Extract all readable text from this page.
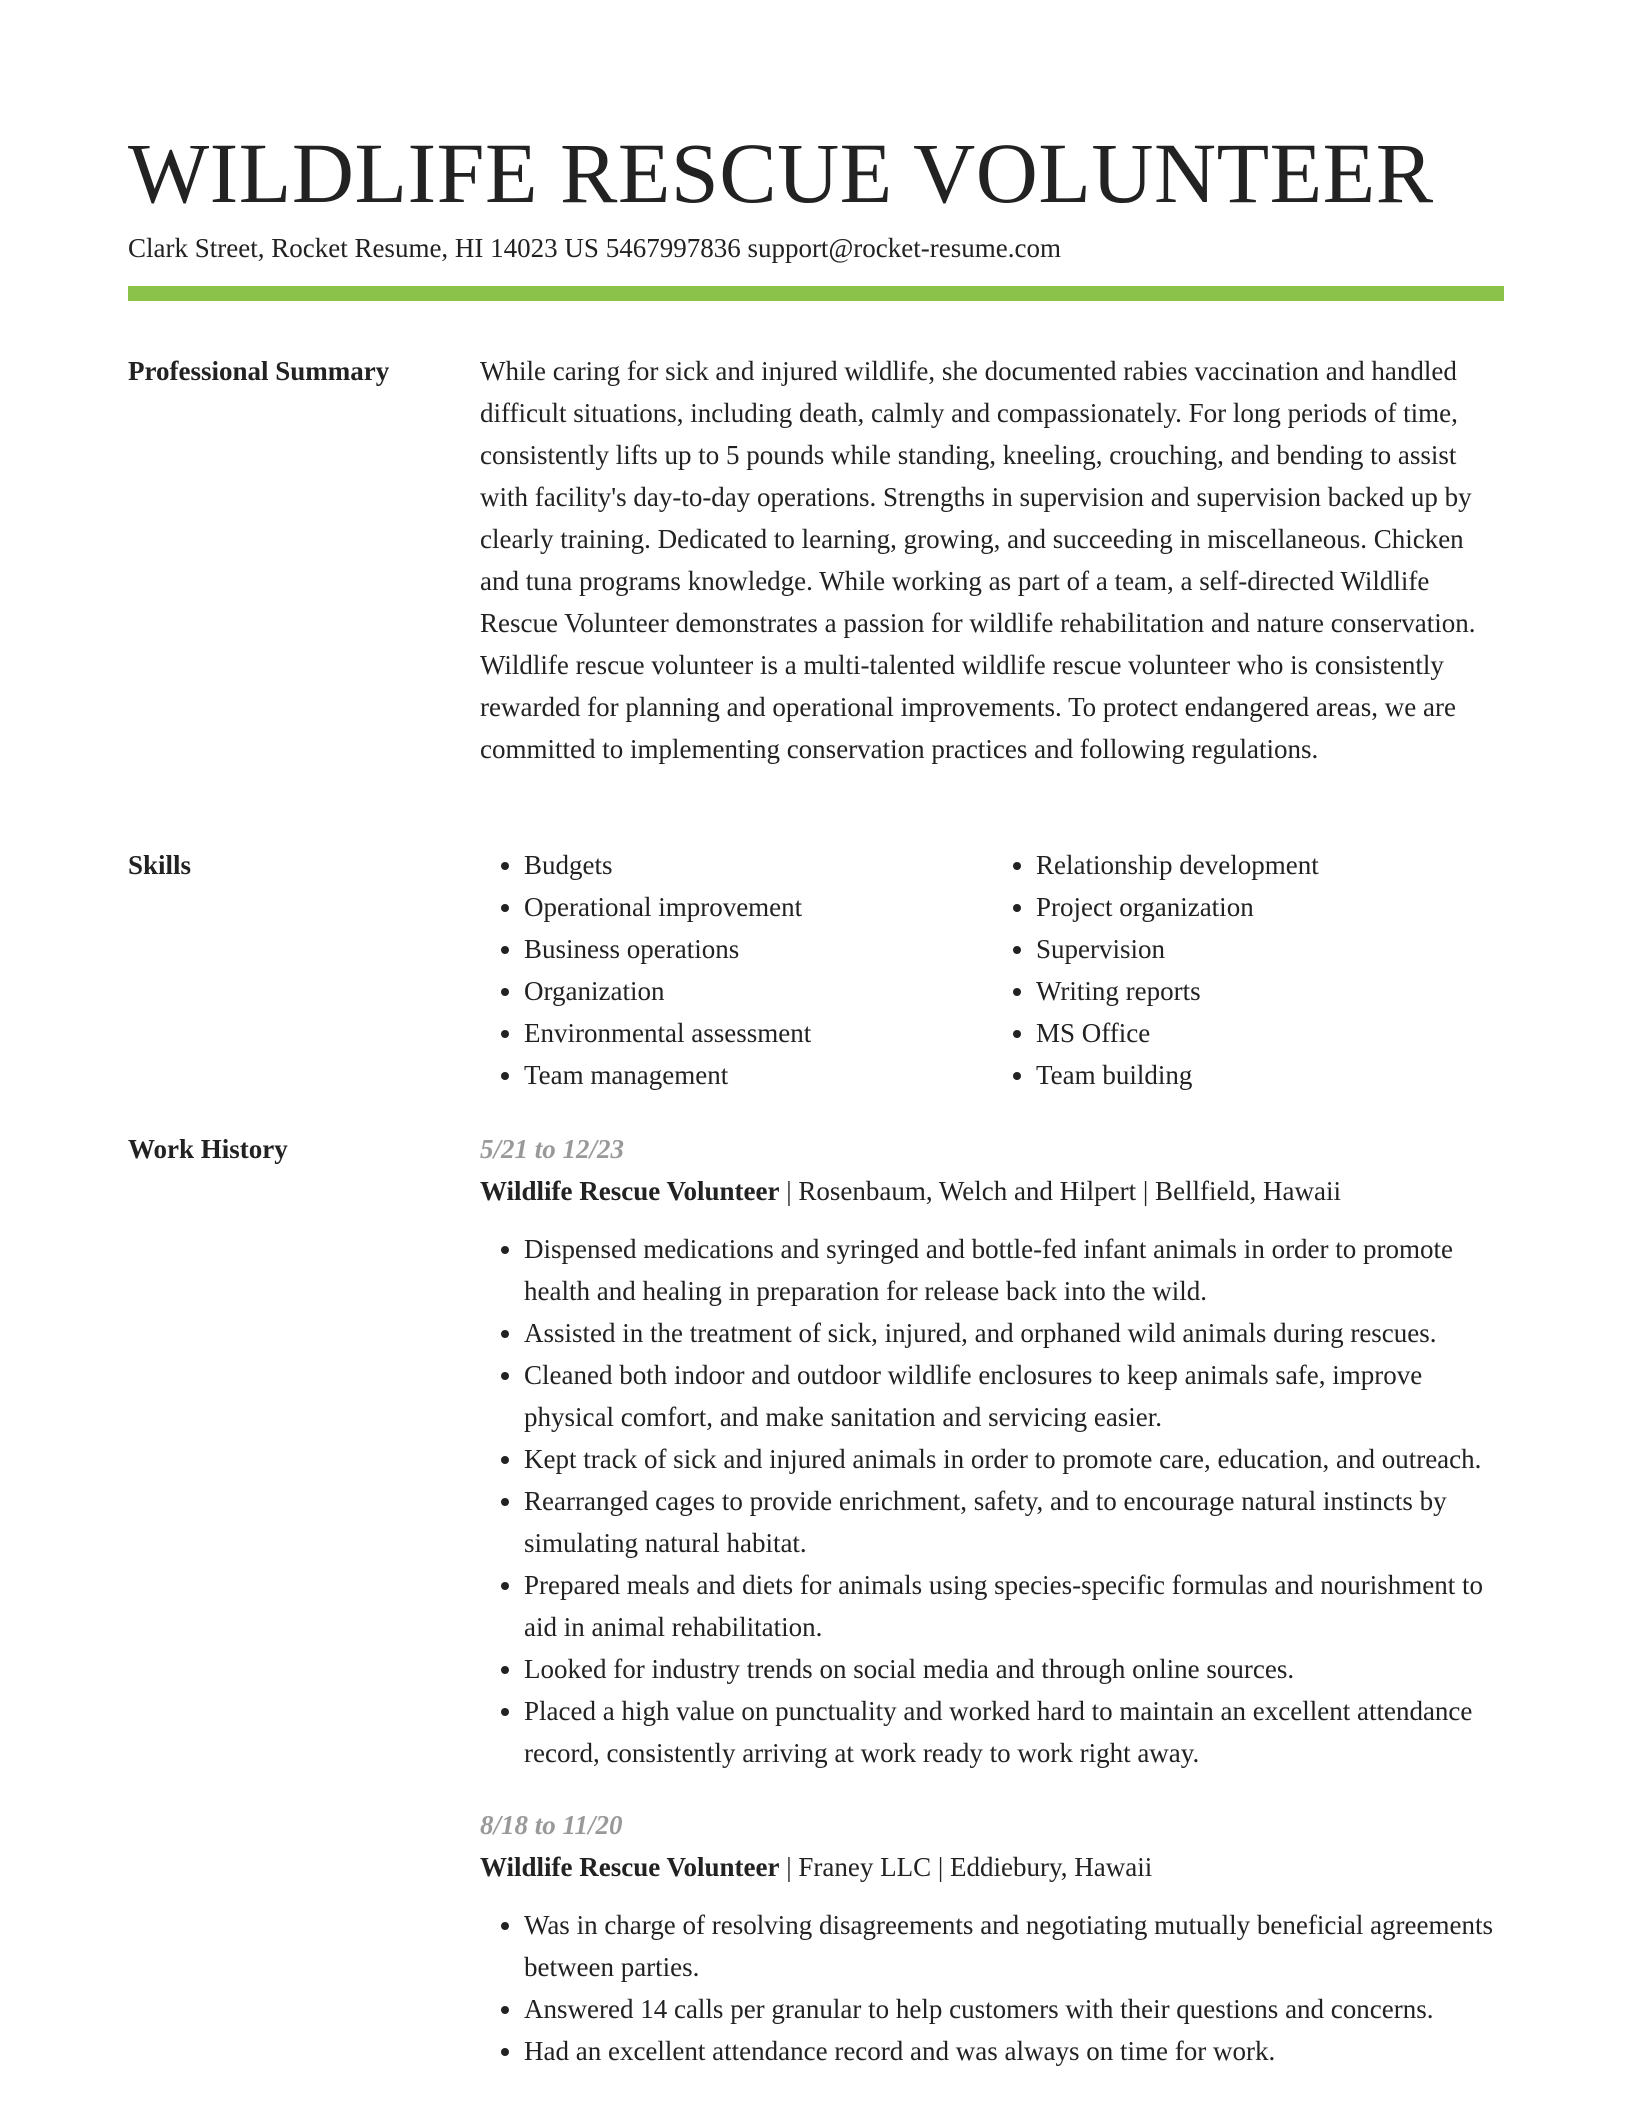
WILDLIFE RESCUE VOLUNTEER
Clark Street, Rocket Resume, HI 14023 US 5467997836 support@rocket-resume.com
Professional Summary	While caring for sick and injured wildlife, she documented rabies vaccination and handled difficult situations, including death, calmly and compassionately. For long periods of time, consistently lifts up to 5 pounds while standing, kneeling, crouching, and bending to assist with facility's day-to-day operations. Strengths in supervision and supervision backed up by clearly training. Dedicated to learning, growing, and succeeding in miscellaneous. Chicken and tuna programs knowledge. While working as part of a team, a self-directed Wildlife Rescue Volunteer demonstrates a passion for wildlife rehabilitation and nature conservation. Wildlife rescue volunteer is a multi-talented wildlife rescue volunteer who is consistently rewarded for planning and operational improvements. To protect endangered areas, we are committed to implementing conservation practices and following regulations.

Skills
•	Budgets
• Operational improvement
• Business operations
• Organization
• Environmental assessment
• Team management
• Relationship development
• Project organization
• Supervision
• Writing reports
• MS Office
• Team building
Work History	5/21 to 12/23
Wildlife Rescue Volunteer | Rosenbaum, Welch and Hilpert | Bellfield, Hawaii
• Dispensed medications and syringed and bottle-fed infant animals in order to promote health and healing in preparation for release back into the wild.
• Assisted in the treatment of sick, injured, and orphaned wild animals during rescues.
• Cleaned both indoor and outdoor wildlife enclosures to keep animals safe, improve physical comfort, and make sanitation and servicing easier.
• Kept track of sick and injured animals in order to promote care, education, and outreach.
• Rearranged cages to provide enrichment, safety, and to encourage natural instincts by simulating natural habitat.
• Prepared meals and diets for animals using species-specific formulas and nourishment to aid in animal rehabilitation.
• Looked for industry trends on social media and through online sources.
• Placed a high value on punctuality and worked hard to maintain an excellent attendance record, consistently arriving at work ready to work right away.
8/18 to 11/20
Wildlife Rescue Volunteer | Franey LLC | Eddiebury, Hawaii
• Was in charge of resolving disagreements and negotiating mutually beneficial agreements between parties.
• Answered 14 calls per granular to help customers with their questions and concerns.
• Had an excellent attendance record and was always on time for work.
